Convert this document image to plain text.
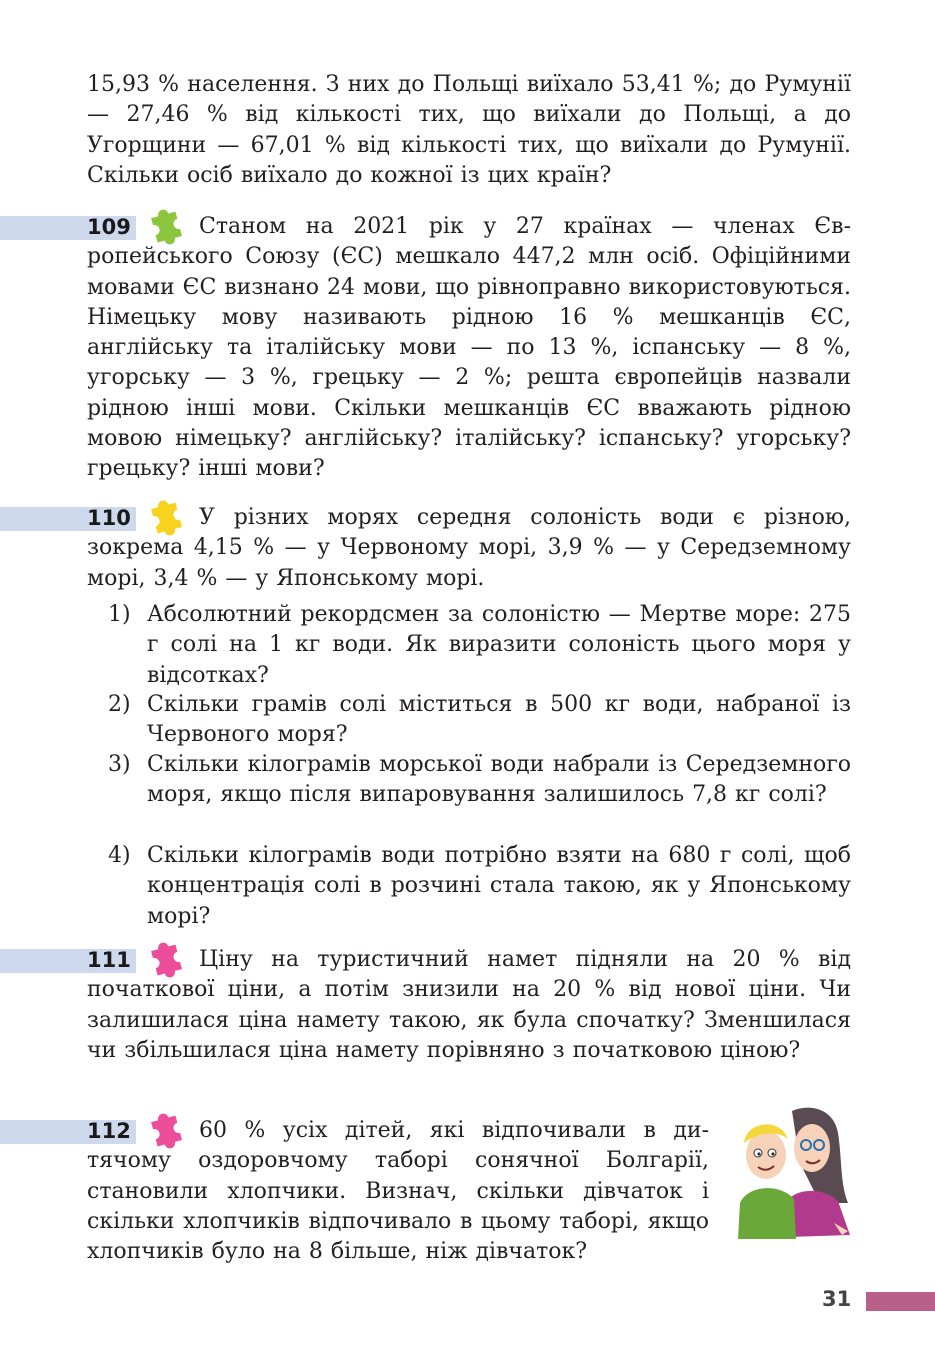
15,93 % населення. З них до Польщі виїхало 53,41 %; до Румунії — 27,46 % від кількості тих, що виїхали до Польщі, а до Угорщини — 67,01 % від кількості тих, що виїхали до Румунії. Скільки осіб виїхало до кожної із цих країн?
109	Станом на 2021 рік у 27 країнах — членах Європейського Союзу (ЄС) мешкало 447,2 млн осіб. Офіційними мовами ЄС визнано 24 мови, що рівноправно використовуються. Німецьку мову називають рідною 16 % мешканців ЄС, англійську та італійську мови — по 13 %, іспанську — 8 %, угорську — 3 %, грецьку — 2 %; решта європейців назвали рідною інші мови. Скільки мешканців ЄС вважають рідною мовою німецьку? англійську? італійську? іспанську? угорську? грецьку? інші мови?
110	У різних морях середня солоність води є різною, зокрема 4,15 % — у Червоному морі, 3,9 % — у Середземному морі, 3,4 % — у Японському морі.
1) Абсолютний рекордсмен за солоністю — Мертве море: 275 г солі на 1 кг води. Як виразити солоність цього моря у відсотках?
2) Скільки грамів солі міститься в 500 кг води, набраної із Червоного моря?
3) Скільки кілограмів морської води набрали із Середземного моря, якщо після випаровування залишилось 7,8 кг солі?
4) Скільки кілограмів води потрібно взяти на 680 г солі, щоб концентрація солі в розчині стала такою, як у Японському морі?
111	Ціну на туристичний намет підняли на 20 % від початкової ціни, а потім знизили на 20 % від нової ціни. Чи залишилася ціна намету такою, як була спочатку? Зменшилася чи збільшилася ціна намету порівняно з початковою ціною?
112	60 % усіх дітей, які відпочивали в дитячому оздоровчому таборі сонячної Болгарії, становили хлопчики. Визнач, скільки дівчаток і скільки хлопчиків відпочивало в цьому таборі, якщо хлопчиків було на 8 більше, ніж дівчаток?
31
